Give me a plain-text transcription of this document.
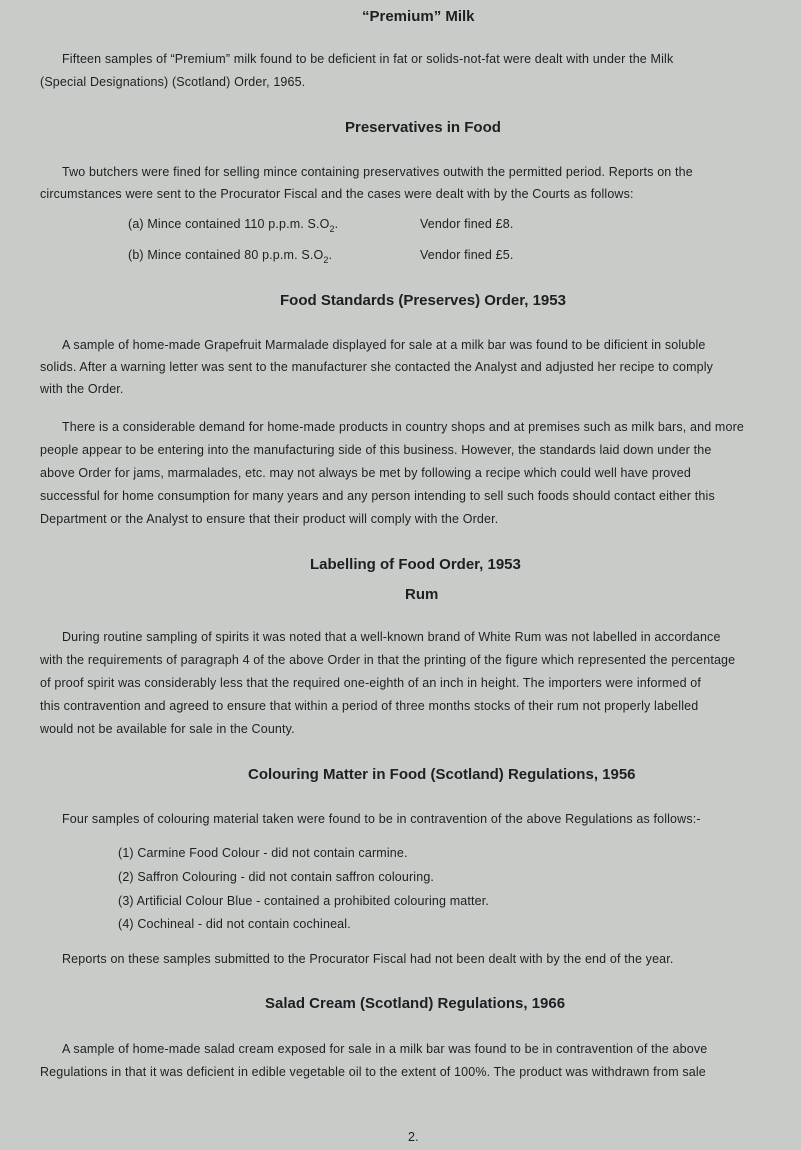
“Premium” Milk
Fifteen samples of “Premium” milk found to be deficient in fat or solids-not-fat were dealt with under the Milk
(Special Designations) (Scotland) Order, 1965.
Preservatives in Food
Two butchers were fined for selling mince containing preservatives outwith the permitted period. Reports on the
circumstances were sent to the Procurator Fiscal and the cases were dealt with by the Courts as follows:
(a) Mince contained 110 p.p.m. $S.O_2$.	Vendor fined £8.
(b) Mince contained 80 p.p.m. $S.O_2$.	Vendor fined £5.
Food Standards (Preserves) Order, 1953
A sample of home-made Grapefruit Marmalade displayed for sale at a milk bar was found to be dificient in soluble
solids. After a warning letter was sent to the manufacturer she contacted the Analyst and adjusted her recipe to comply
with the Order.
There is a considerable demand for home-made products in country shops and at premises such as milk bars, and more
people appear to be entering into the manufacturing side of this business. However, the standards laid down under the
above Order for jams, marmalades, etc. may not always be met by following a recipe which could well have proved
successful for home consumption for many years and any person intending to sell such foods should contact either this
Department or the Analyst to ensure that their product will comply with the Order.
Labelling of Food Order, 1953
Rum
During routine sampling of spirits it was noted that a well-known brand of White Rum was not labelled in accordance
with the requirements of paragraph 4 of the above Order in that the printing of the figure which represented the percentage
of proof spirit was considerably less that the required one-eighth of an inch in height. The importers were informed of
this contravention and agreed to ensure that within a period of three months stocks of their rum not properly labelled
would not be available for sale in the County.
Colouring Matter in Food (Scotland) Regulations, 1956
Four samples of colouring material taken were found to be in contravention of the above Regulations as follows:-
(1) Carmine Food Colour - did not contain carmine.
(2) Saffron Colouring - did not contain saffron colouring.
(3) Artificial Colour Blue - contained a prohibited colouring matter.
(4) Cochineal - did not contain cochineal.
Reports on these samples submitted to the Procurator Fiscal had not been dealt with by the end of the year.
Salad Cream (Scotland) Regulations, 1966
A sample of home-made salad cream exposed for sale in a milk bar was found to be in contravention of the above
Regulations in that it was deficient in edible vegetable oil to the extent of 100%. The product was withdrawn from sale
2.
